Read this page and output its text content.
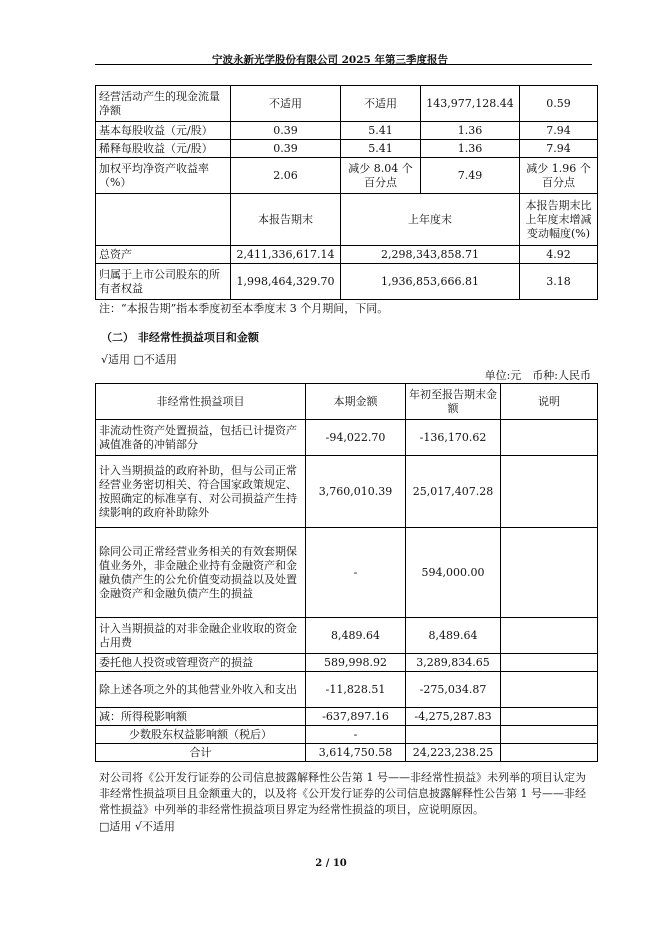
宁波永新光学股份有限公司 2025 年第三季度报告
经营活动产生的现金流量净额	不适用	不适用	143,977,128.44	0.59
基本每股收益（元/股）	0.39	5.41	1.36	7.94
稀释每股收益（元/股）	0.39	5.41	1.36	7.94
加权平均净资产收益率（%）	2.06	减少 8.04 个百分点	7.49	减少 1.96 个百分点
	本报告期末	上年度末		本报告期末比上年度末增减变动幅度(%)
总资产	2,411,336,617.14	2,298,343,858.71		4.92
归属于上市公司股东的所有者权益	1,998,464,329.70	1,936,853,666.81		3.18
注：“本报告期”指本季度初至本季度末 3 个月期间，下同。
（二） 非经常性损益项目和金额
√适用 □不适用
单位:元　币种:人民币
非经常性损益项目	本期金额	年初至报告期末金额	说明
非流动性资产处置损益，包括已计提资产减值准备的冲销部分	-94,022.70	-136,170.62	
计入当期损益的政府补助，但与公司正常经营业务密切相关、符合国家政策规定、按照确定的标准享有、对公司损益产生持续影响的政府补助除外	3,760,010.39	25,017,407.28	
除同公司正常经营业务相关的有效套期保值业务外，非金融企业持有金融资产和金融负债产生的公允价值变动损益以及处置金融资产和金融负债产生的损益	-	594,000.00	
计入当期损益的对非金融企业收取的资金占用费	8,489.64	8,489.64	
委托他人投资或管理资产的损益	589,998.92	3,289,834.65	
除上述各项之外的其他营业外收入和支出	-11,828.51	-275,034.87	
减：所得税影响额	-637,897.16	-4,275,287.83	
少数股东权益影响额（税后）	-		
合计	3,614,750.58	24,223,238.25	
对公司将《公开发行证券的公司信息披露解释性公告第 1 号——非经常性损益》未列举的项目认定为非经常性损益项目且金额重大的，以及将《公开发行证券的公司信息披露解释性公告第 1 号——非经常性损益》中列举的非经常性损益项目界定为经常性损益的项目，应说明原因。
□适用 √不适用
2 / 10
